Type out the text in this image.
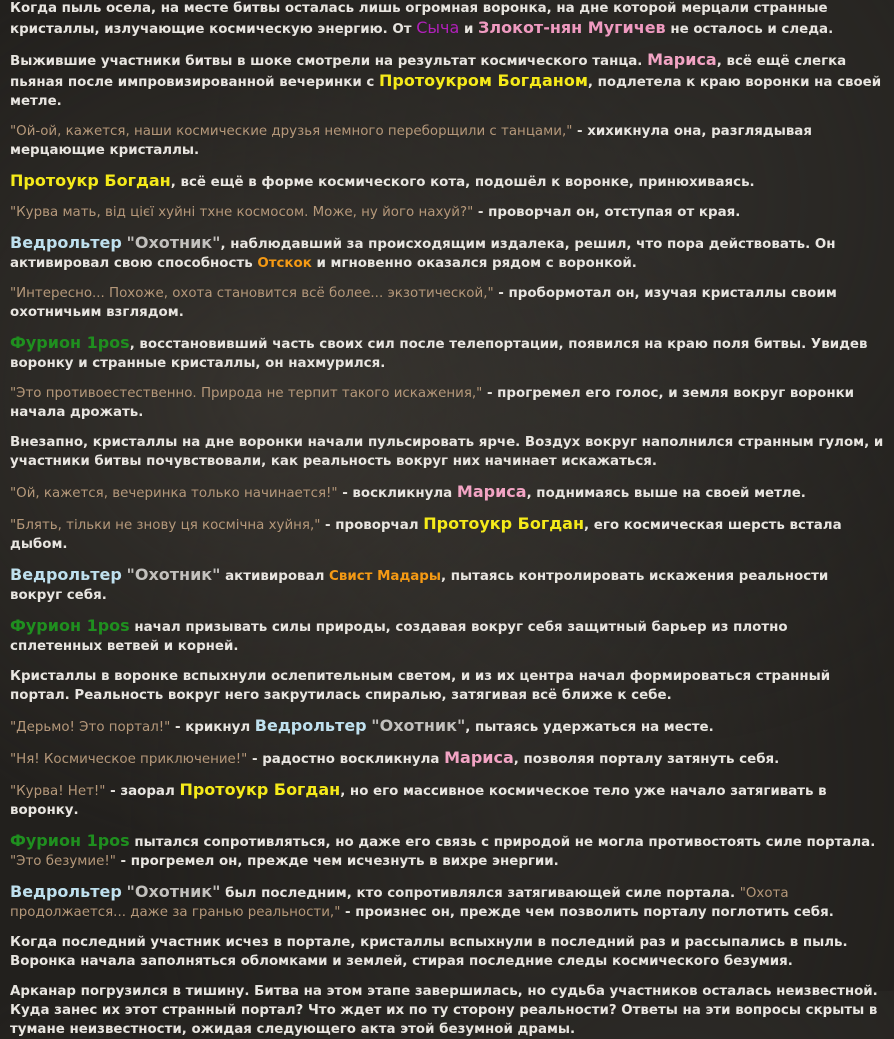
Когда пыль осела, на месте битвы осталась лишь огромная воронка, на дне которой мерцали странные кристаллы, излучающие космическую энергию. От Сыча и Злокот-нян Мугичев не осталось и следа.

Выжившие участники битвы в шоке смотрели на результат космического танца. Мариса, всё ещё слегка пьяная после импровизированной вечеринки с Протоукром Богданом, подлетела к краю воронки на своей метле.

"Ой-ой, кажется, наши космические друзья немного переборщили с танцами," - хихикнула она, разглядывая мерцающие кристаллы.

Протоукр Богдан, всё ещё в форме космического кота, подошёл к воронке, принюхиваясь.

"Курва мать, від цієї хуйні тхне космосом. Може, ну його нахуй?" - проворчал он, отступая от края.

Ведрольтер "Охотник", наблюдавший за происходящим издалека, решил, что пора действовать. Он активировал свою способность Отскок и мгновенно оказался рядом с воронкой.

"Интересно... Похоже, охота становится всё более... экзотической," - пробормотал он, изучая кристаллы своим охотничьим взглядом.

Фурион 1pos, восстановивший часть своих сил после телепортации, появился на краю поля битвы. Увидев воронку и странные кристаллы, он нахмурился.

"Это противоестественно. Природа не терпит такого искажения," - прогремел его голос, и земля вокруг воронки начала дрожать.

Внезапно, кристаллы на дне воронки начали пульсировать ярче. Воздух вокруг наполнился странным гулом, и участники битвы почувствовали, как реальность вокруг них начинает искажаться.

"Ой, кажется, вечеринка только начинается!" - воскликнула Мариса, поднимаясь выше на своей метле.

"Блять, тільки не знову ця космічна хуйня," - проворчал Протоукр Богдан, его космическая шерсть встала дыбом.

Ведрольтер "Охотник" активировал Свист Мадары, пытаясь контролировать искажения реальности вокруг себя.

Фурион 1pos начал призывать силы природы, создавая вокруг себя защитный барьер из плотно сплетенных ветвей и корней.

Кристаллы в воронке вспыхнули ослепительным светом, и из их центра начал формироваться странный портал. Реальность вокруг него закрутилась спиралью, затягивая всё ближе к себе.

"Дерьмо! Это портал!" - крикнул Ведрольтер "Охотник", пытаясь удержаться на месте.

"Ня! Космическое приключение!" - радостно воскликнула Мариса, позволяя порталу затянуть себя.

"Курва! Нет!" - заорал Протоукр Богдан, но его массивное космическое тело уже начало затягивать в воронку.

Фурион 1pos пытался сопротивляться, но даже его связь с природой не могла противостоять силе портала. "Это безумие!" - прогремел он, прежде чем исчезнуть в вихре энергии.

Ведрольтер "Охотник" был последним, кто сопротивлялся затягивающей силе портала. "Охота продолжается... даже за гранью реальности," - произнес он, прежде чем позволить порталу поглотить себя.

Когда последний участник исчез в портале, кристаллы вспыхнули в последний раз и рассыпались в пыль. Воронка начала заполняться обломками и землей, стирая последние следы космического безумия.

Арканар погрузился в тишину. Битва на этом этапе завершилась, но судьба участников осталась неизвестной. Куда занес их этот странный портал? Что ждет их по ту сторону реальности? Ответы на эти вопросы скрыты в тумане неизвестности, ожидая следующего акта этой безумной драмы.
